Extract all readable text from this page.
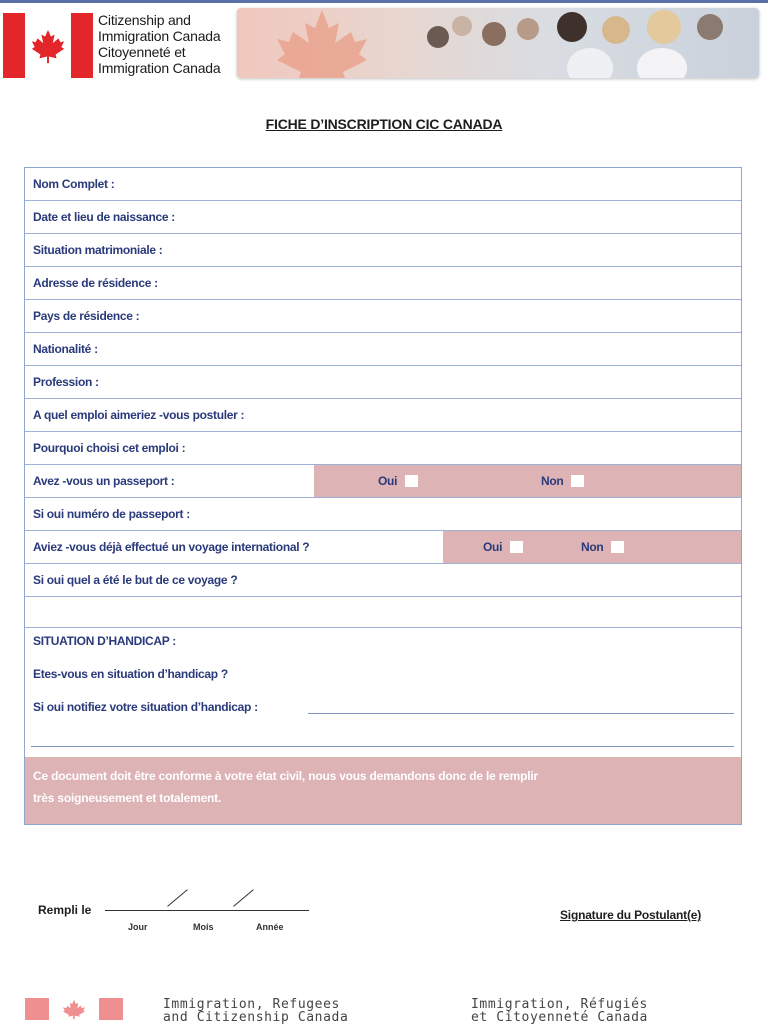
Citizenship and
Immigration Canada
Citoyenneté et
Immigration Canada
FICHE D’INSCRIPTION CIC CANADA
Nom Complet :
Date et lieu de naissance :
Situation matrimoniale :
Adresse de résidence :
Pays de résidence :
Nationalité :
Profession :
A quel emploi aimeriez -vous postuler :
Pourquoi choisi cet emploi :
Avez -vous un passeport :	Oui	Non
Si oui numéro de passeport :
Aviez -vous déjà effectué un voyage international ?	Oui	Non
Si oui quel a été le but de ce voyage ?
SITUATION D’HANDICAP :
Etes-vous en situation d’handicap ?
Si oui notifiez votre situation d’handicap :
Ce document doit être conforme à votre état civil, nous vous demandons donc de le remplir
très soigneusement et totalement.
Rempli le
Jour	Mois	Année
Signature du Postulant(e)
Immigration, Refugees
and Citizenship Canada
Immigration, Réfugiés
et Citoyenneté Canada
